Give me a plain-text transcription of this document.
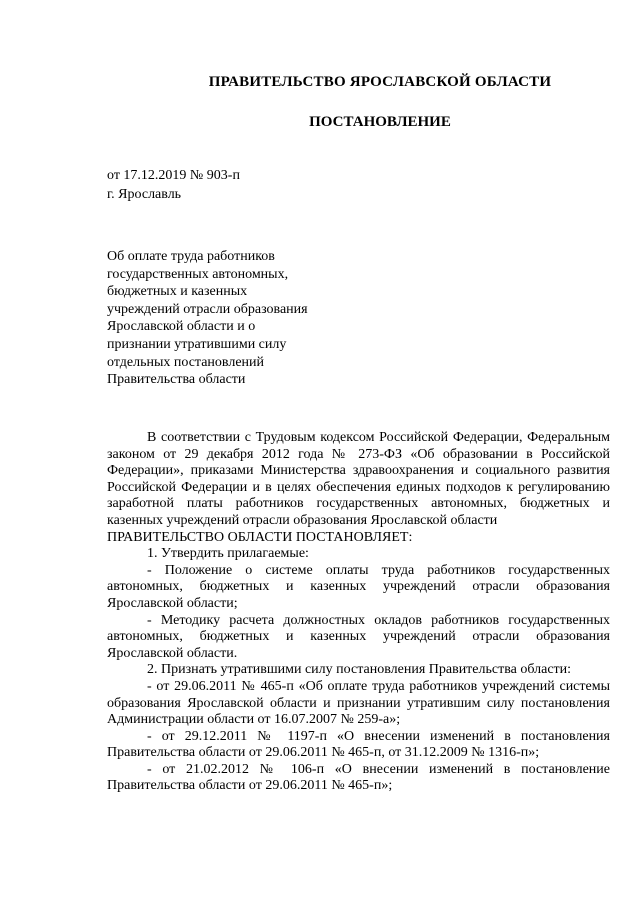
ПРАВИТЕЛЬСТВО ЯРОСЛАВСКОЙ ОБЛАСТИ
ПОСТАНОВЛЕНИЕ
от 17.12.2019 № 903-п
г. Ярославль
Об оплате труда работников
государственных автономных,
бюджетных и казенных
учреждений отрасли образования
Ярославской области и о
признании утратившими силу
отдельных постановлений
Правительства области

В соответствии с Трудовым кодексом Российской Федерации, Федеральным законом от 29 декабря 2012 года № 273-ФЗ «Об образовании в Российской Федерации», приказами Министерства здравоохранения и социального развития Российской Федерации и в целях обеспечения единых подходов к регулированию заработной платы работников государственных автономных, бюджетных и казенных учреждений отрасли образования Ярославской области

ПРАВИТЕЛЬСТВО ОБЛАСТИ ПОСТАНОВЛЯЕТ:

1. Утвердить прилагаемые:

- Положение о системе оплаты труда работников государственных автономных, бюджетных и казенных учреждений отрасли образования Ярославской области;

- Методику расчета должностных окладов работников государственных автономных, бюджетных и казенных учреждений отрасли образования Ярославской области.

2. Признать утратившими силу постановления Правительства области:

- от 29.06.2011 № 465-п «Об оплате труда работников учреждений системы образования Ярославской области и признании утратившим силу постановления Администрации области от 16.07.2007 № 259-а»;

- от 29.12.2011 № 1197-п «О внесении изменений в постановления Правительства области от 29.06.2011 № 465-п, от 31.12.2009 № 1316-п»;

- от 21.02.2012 № 106-п «О внесении изменений в постановление Правительства области от 29.06.2011 № 465-п»;
